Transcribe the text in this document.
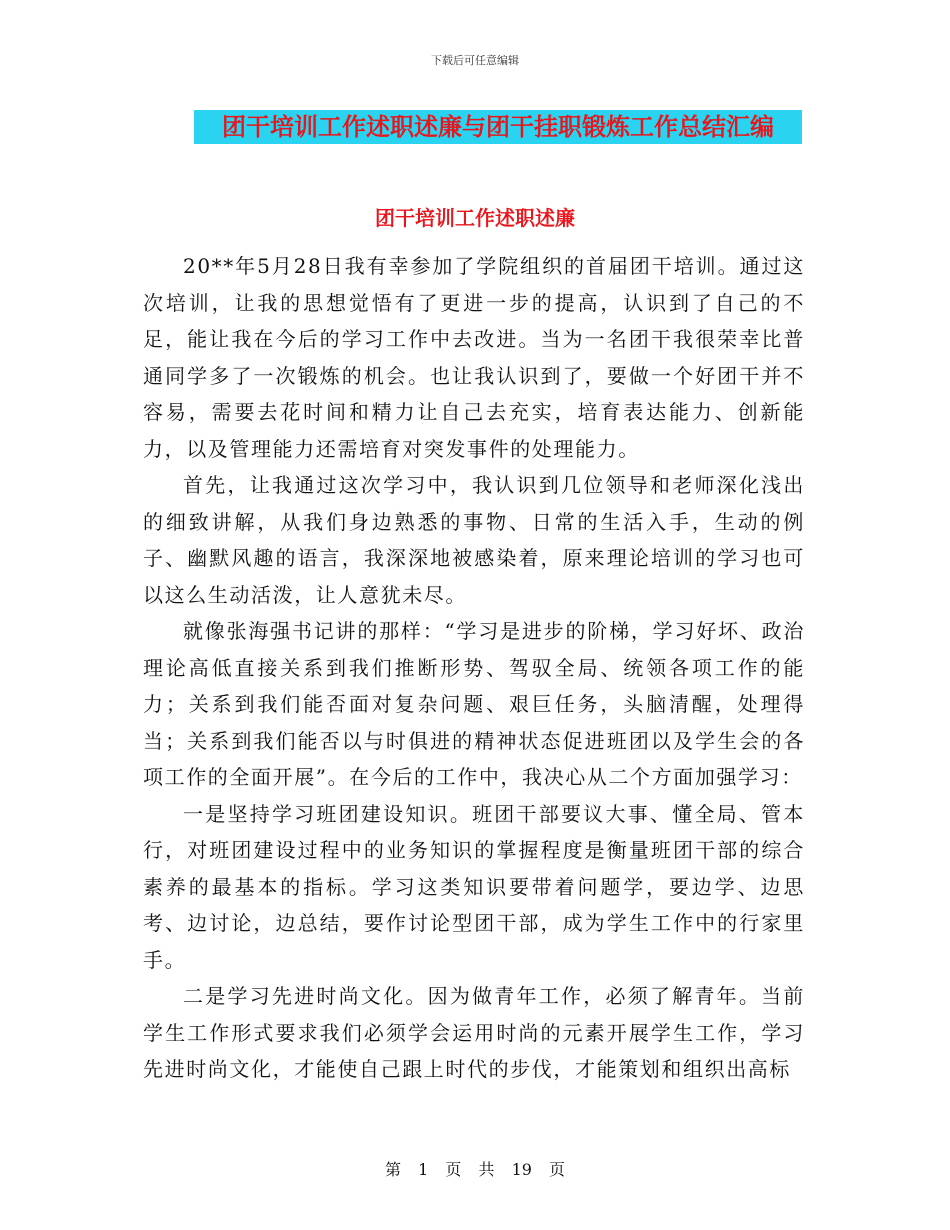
下载后可任意编辑
团干培训工作述职述廉与团干挂职锻炼工作总结汇编
团干培训工作述职述廉

20**年5月28日我有幸参加了学院组织的首届团干培训。通过这次培训，让我的思想觉悟有了更进一步的提高，认识到了自己的不足，能让我在今后的学习工作中去改进。当为一名团干我很荣幸比普通同学多了一次锻炼的机会。也让我认识到了，要做一个好团干并不容易，需要去花时间和精力让自己去充实，培育表达能力、创新能力，以及管理能力还需培育对突发事件的处理能力。

首先，让我通过这次学习中，我认识到几位领导和老师深化浅出的细致讲解，从我们身边熟悉的事物、日常的生活入手，生动的例子、幽默风趣的语言，我深深地被感染着，原来理论培训的学习也可以这么生动活泼，让人意犹未尽。

就像张海强书记讲的那样：“学习是进步的阶梯，学习好坏、政治理论高低直接关系到我们推断形势、驾驭全局、统领各项工作的能力；关系到我们能否面对复杂问题、艰巨任务，头脑清醒，处理得当；关系到我们能否以与时俱进的精神状态促进班团以及学生会的各项工作的全面开展”。在今后的工作中，我决心从二个方面加强学习：

一是坚持学习班团建设知识。班团干部要议大事、懂全局、管本行，对班团建设过程中的业务知识的掌握程度是衡量班团干部的综合素养的最基本的指标。学习这类知识要带着问题学，要边学、边思考、边讨论，边总结，要作讨论型团干部，成为学生工作中的行家里手。

二是学习先进时尚文化。因为做青年工作，必须了解青年。当前学生工作形式要求我们必须学会运用时尚的元素开展学生工作，学习先进时尚文化，才能使自己跟上时代的步伐，才能策划和组织出高标

第 1 页 共 19 页
